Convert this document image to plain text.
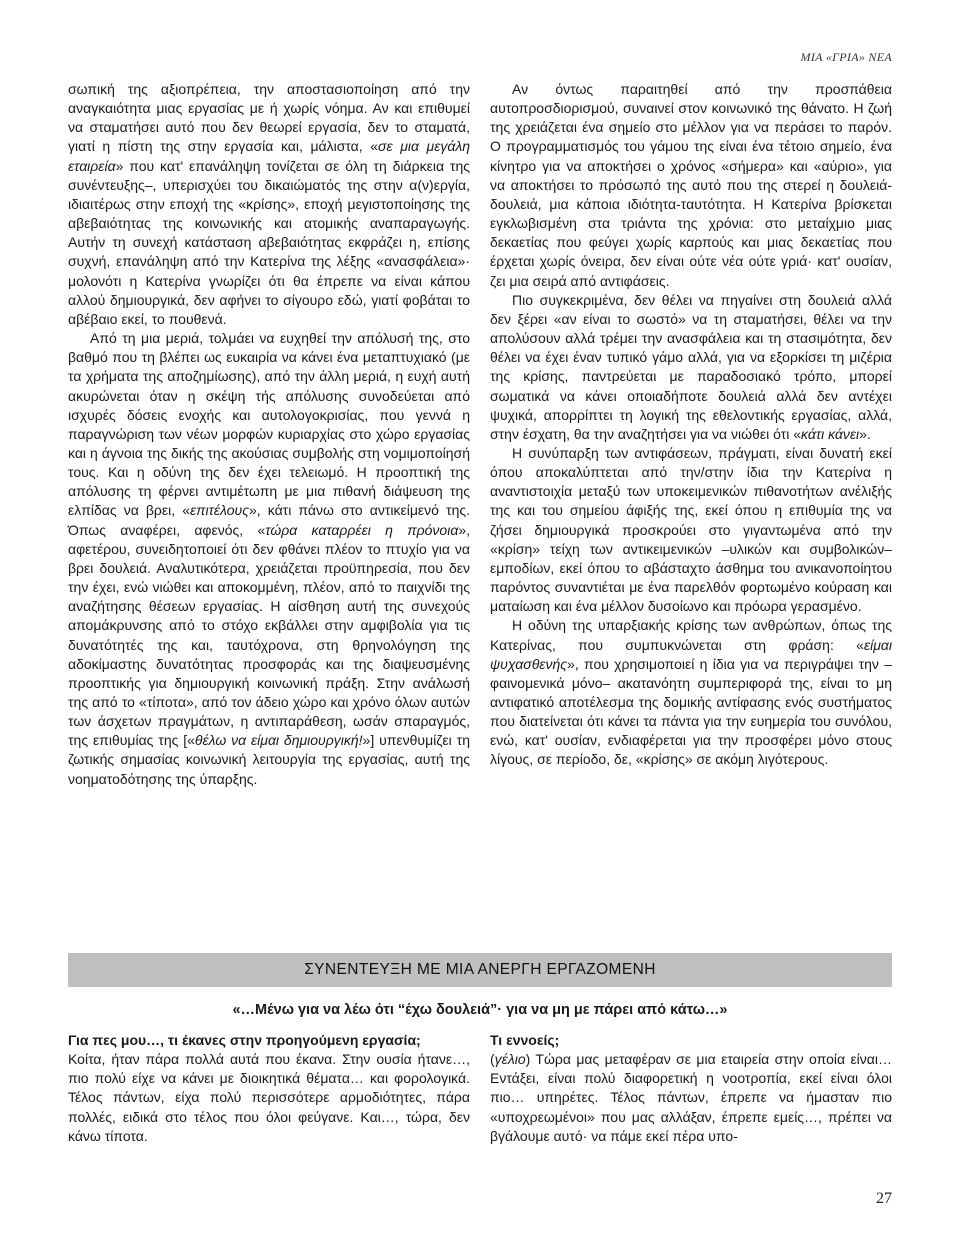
ΜΙΑ «ΓΡΙΑ» ΝΕΑ

σωπική της αξιοπρέπεια, την αποστασιοποίηση από την αναγκαιότητα μιας εργασίας με ή χωρίς νόημα. Αν και επιθυμεί να σταματήσει αυτό που δεν θεωρεί εργασία, δεν το σταματά, γιατί η πίστη της στην εργασία και, μάλιστα, «σε μια μεγάλη εταιρεία» που κατ' επανάληψη τονίζεται σε όλη τη διάρκεια της συνέντευξης–, υπερισχύει του δικαιώματός της στην α(ν)εργία, ιδιαιτέρως στην εποχή της «κρίσης», εποχή μεγιστοποίησης της αβεβαιότητας της κοινωνικής και ατομικής αναπαραγωγής. Αυτήν τη συνεχή κατάσταση αβεβαιότητας εκφράζει η, επίσης συχνή, επανάληψη από την Κατερίνα της λέξης «ανασφάλεια»· μολονότι η Κατερίνα γνωρίζει ότι θα έπρεπε να είναι κάπου αλλού δημιουργικά, δεν αφήνει το σίγουρο εδώ, γιατί φοβάται το αβέβαιο εκεί, το πουθενά.

Από τη μια μεριά, τολμάει να ευχηθεί την απόλυσή της, στο βαθμό που τη βλέπει ως ευκαιρία να κάνει ένα μεταπτυχιακό (με τα χρήματα της αποζημίωσης), από την άλλη μεριά, η ευχή αυτή ακυρώνεται όταν η σκέψη τής απόλυσης συνοδεύεται από ισχυρές δόσεις ενοχής και αυτολογοκρισίας, που γεννά η παραγνώριση των νέων μορφών κυριαρχίας στο χώρο εργασίας και η άγνοια της δικής της ακούσιας συμβολής στη νομιμοποίησή τους. Και η οδύνη της δεν έχει τελειωμό. Η προοπτική της απόλυσης τη φέρνει αντιμέτωπη με μια πιθανή διάψευση της ελπίδας να βρει, «επιτέλους», κάτι πάνω στο αντικείμενό της. Όπως αναφέρει, αφενός, «τώρα καταρρέει η πρόνοια», αφετέρου, συνειδητοποιεί ότι δεν φθάνει πλέον το πτυχίο για να βρει δουλειά. Αναλυτικότερα, χρειάζεται προϋπηρεσία, που δεν την έχει, ενώ νιώθει και αποκομμένη, πλέον, από το παιχνίδι της αναζήτησης θέσεων εργασίας. Η αίσθηση αυτή της συνεχούς απομάκρυνσης από το στόχο εκβάλλει στην αμφιβολία για τις δυνατότητές της και, ταυτόχρονα, στη θρηνολόγηση της αδοκίμαστης δυνατότητας προσφοράς και της διαψευσμένης προοπτικής για δημιουργική κοινωνική πράξη. Στην ανάλωσή της από το «τίποτα», από τον άδειο χώρο και χρόνο όλων αυτών των άσχετων πραγμάτων, η αντιπαράθεση, ωσάν σπαραγμός, της επιθυμίας της [«θέλω να είμαι δημιουργική!»] υπενθυμίζει τη ζωτικής σημασίας κοινωνική λειτουργία της εργασίας, αυτή της νοηματοδότησης της ύπαρξης.

Αν όντως παραιτηθεί από την προσπάθεια αυτοπροσδιορισμού, συναινεί στον κοινωνικό της θάνατο. Η ζωή της χρειάζεται ένα σημείο στο μέλλον για να περάσει το παρόν. Ο προγραμματισμός του γάμου της είναι ένα τέτοιο σημείο, ένα κίνητρο για να αποκτήσει ο χρόνος «σήμερα» και «αύριο», για να αποκτήσει το πρόσωπό της αυτό που της στερεί η δουλειά-δουλειά, μια κάποια ιδιότητα-ταυτότητα. Η Κατερίνα βρίσκεται εγκλωβισμένη στα τριάντα της χρόνια: στο μεταίχμιο μιας δεκαετίας που φεύγει χωρίς καρπούς και μιας δεκαετίας που έρχεται χωρίς όνειρα, δεν είναι ούτε νέα ούτε γριά· κατ' ουσίαν, ζει μια σειρά από αντιφάσεις.

Πιο συγκεκριμένα, δεν θέλει να πηγαίνει στη δουλειά αλλά δεν ξέρει «αν είναι το σωστό» να τη σταματήσει, θέλει να την απολύσουν αλλά τρέμει την ανασφάλεια και τη στασιμότητα, δεν θέλει να έχει έναν τυπικό γάμο αλλά, για να εξορκίσει τη μιζέρια της κρίσης, παντρεύεται με παραδοσιακό τρόπο, μπορεί σωματικά να κάνει οποιαδήποτε δουλειά αλλά δεν αντέχει ψυχικά, απορρίπτει τη λογική της εθελοντικής εργασίας, αλλά, στην έσχατη, θα την αναζητήσει για να νιώθει ότι «κάτι κάνει».

Η συνύπαρξη των αντιφάσεων, πράγματι, είναι δυνατή εκεί όπου αποκαλύπτεται από την/στην ίδια την Κατερίνα η αναντιστοιχία μεταξύ των υποκειμενικών πιθανοτήτων ανέλιξής της και του σημείου άφιξής της, εκεί όπου η επιθυμία της να ζήσει δημιουργικά προσκρούει στο γιγαντωμένα από την «κρίση» τείχη των αντικειμενικών –υλικών και συμβολικών– εμποδίων, εκεί όπου το αβάσταχτο άσθημα του ανικανοποίητου παρόντος συναντιέται με ένα παρελθόν φορτωμένο κούραση και ματαίωση και ένα μέλλον δυσοίωνο και πρόωρα γερασμένο.

Η οδύνη της υπαρξιακής κρίσης των ανθρώπων, όπως της Κατερίνας, που συμπυκνώνεται στη φράση: «είμαι ψυχασθενής», που χρησιμοποιεί η ίδια για να περιγράψει την –φαινομενικά μόνο– ακατανόητη συμπεριφορά της, είναι το μη αντιφατικό αποτέλεσμα της δομικής αντίφασης ενός συστήματος που διατείνεται ότι κάνει τα πάντα για την ευημερία του συνόλου, ενώ, κατ' ουσίαν, ενδιαφέρεται για την προσφέρει μόνο στους λίγους, σε περίοδο, δε, «κρίσης» σε ακόμη λιγότερους.

ΣΥΝΕΝΤΕΥΞΗ ΜΕ ΜΙΑ ΑΝΕΡΓΗ ΕΡΓΑΖΟΜΕΝΗ
«…Μένω για να λέω ότι “έχω δουλειά”· για να μη με πάρει από κάτω…»

Για πες μου…, τι έκανες στην προηγούμενη εργασία;

Κοίτα, ήταν πάρα πολλά αυτά που έκανα. Στην ουσία ήτανε…, πιο πολύ είχε να κάνει με διοικητικά θέματα… και φορολογικά. Τέλος πάντων, είχα πολύ περισσότερε αρμοδιότητες, πάρα πολλές, ειδικά στο τέλος που όλοι φεύγανε. Και…, τώρα, δεν κάνω τίποτα.

Τι εννοείς;

(γέλιο) Τώρα μας μεταφέραν σε μια εταιρεία στην οποία είναι… Εντάξει, είναι πολύ διαφορετική η νοοτροπία, εκεί είναι όλοι πιο… υπηρέτες. Τέλος πάντων, έπρεπε να ήμασταν πιο «υποχρεωμένοι» που μας αλλάξαν, έπρεπε εμείς…, πρέπει να βγάλουμε αυτό· να πάμε εκεί πέρα υπο-

27
